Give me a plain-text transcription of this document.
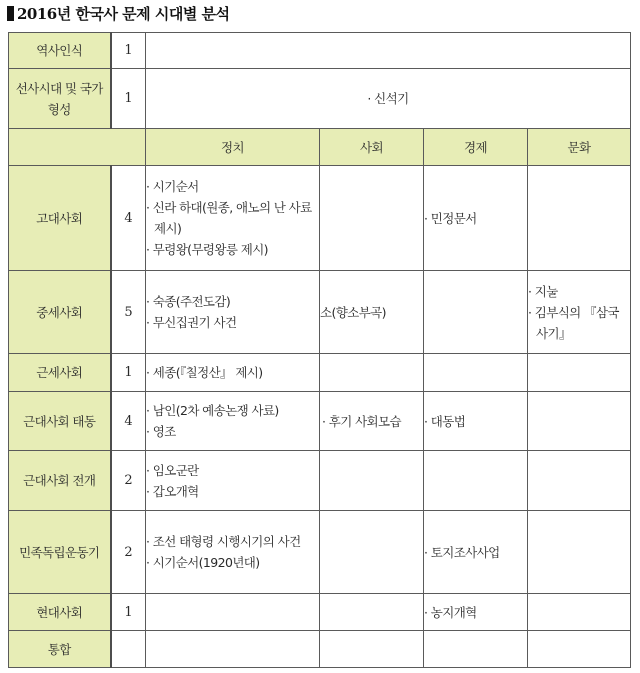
2016년 한국사 문제 시대별 분석
역사인식	1				

선사시대 및 국가 형성	1	· 신석기			
		정치	사회	경제	문화
고대사회	4	· 시기순서
· 신라 하대(원종, 애노의 난 사료 제시)
· 무령왕(무령왕릉 제시)		· 민정문서	

중세사회	5	· 숙종(주전도감)
· 무신집권기 사건	소(향소부곡)		· 지눌
· 김부식의 『삼국사기』

근세사회	1	· 세종(『칠정산』 제시)			

근대사회 태동	4	· 남인(2차 예송논쟁 사료)
· 영조	· 후기 사회모습	· 대동법	

근대사회 전개	2	· 임오군란
· 갑오개혁			

민족독립운동기	2	· 조선 태형령 시행시기의 사건
· 시기순서(1920년대)		· 토지조사사업	

현대사회	1			· 농지개혁	

통합					
